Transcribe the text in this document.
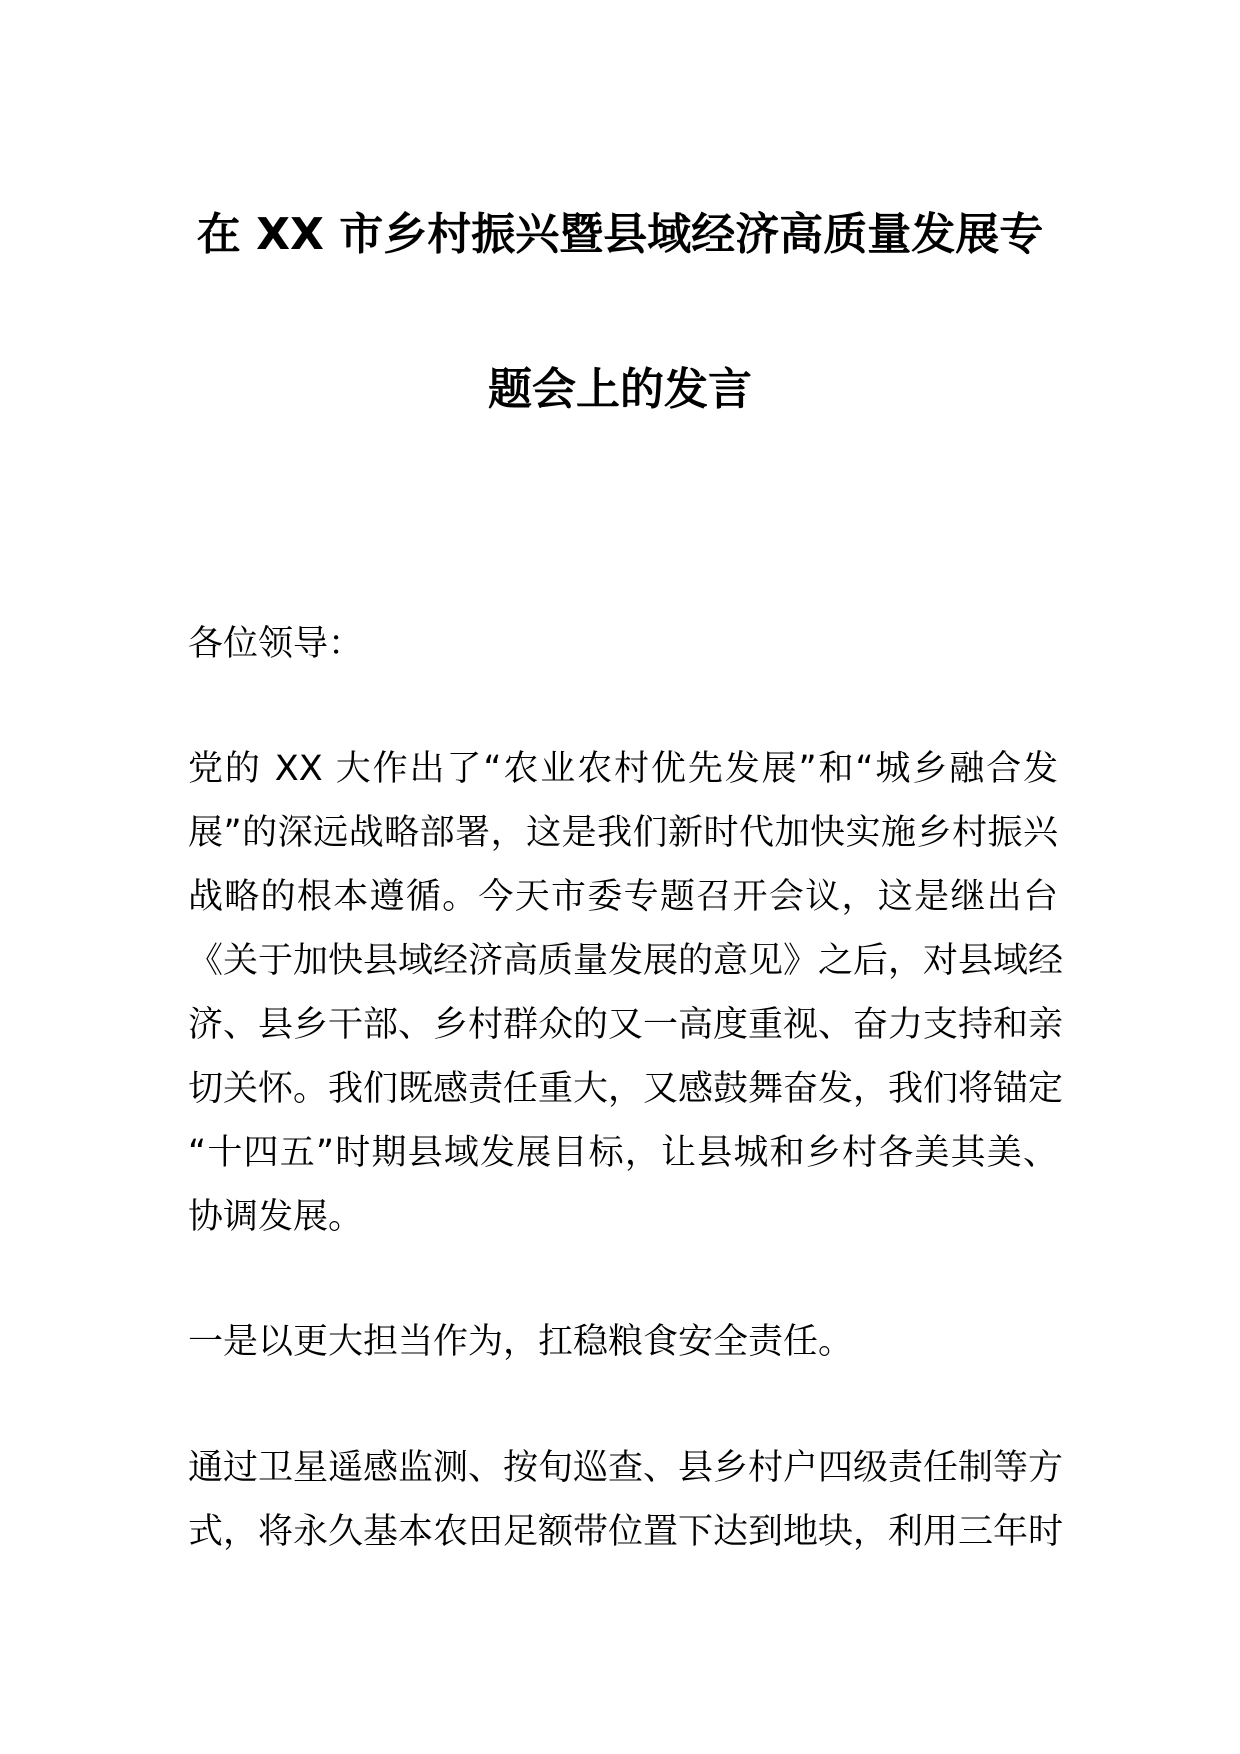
在 XX 市乡村振兴暨县域经济高质量发展专
题会上的发言
各位领导：
党的 XX 大作出了“农业农村优先发展”和“城乡融合发
展”的深远战略部署，这是我们新时代加快实施乡村振兴
战略的根本遵循。今天市委专题召开会议，这是继出台
《关于加快县域经济高质量发展的意见》之后，对县域经
济、县乡干部、乡村群众的又一高度重视、奋力支持和亲
切关怀。我们既感责任重大，又感鼓舞奋发，我们将锚定
“十四五”时期县域发展目标，让县城和乡村各美其美、
协调发展。
一是以更大担当作为，扛稳粮食安全责任。
通过卫星遥感监测、按旬巡查、县乡村户四级责任制等方
式，将永久基本农田足额带位置下达到地块，利用三年时
